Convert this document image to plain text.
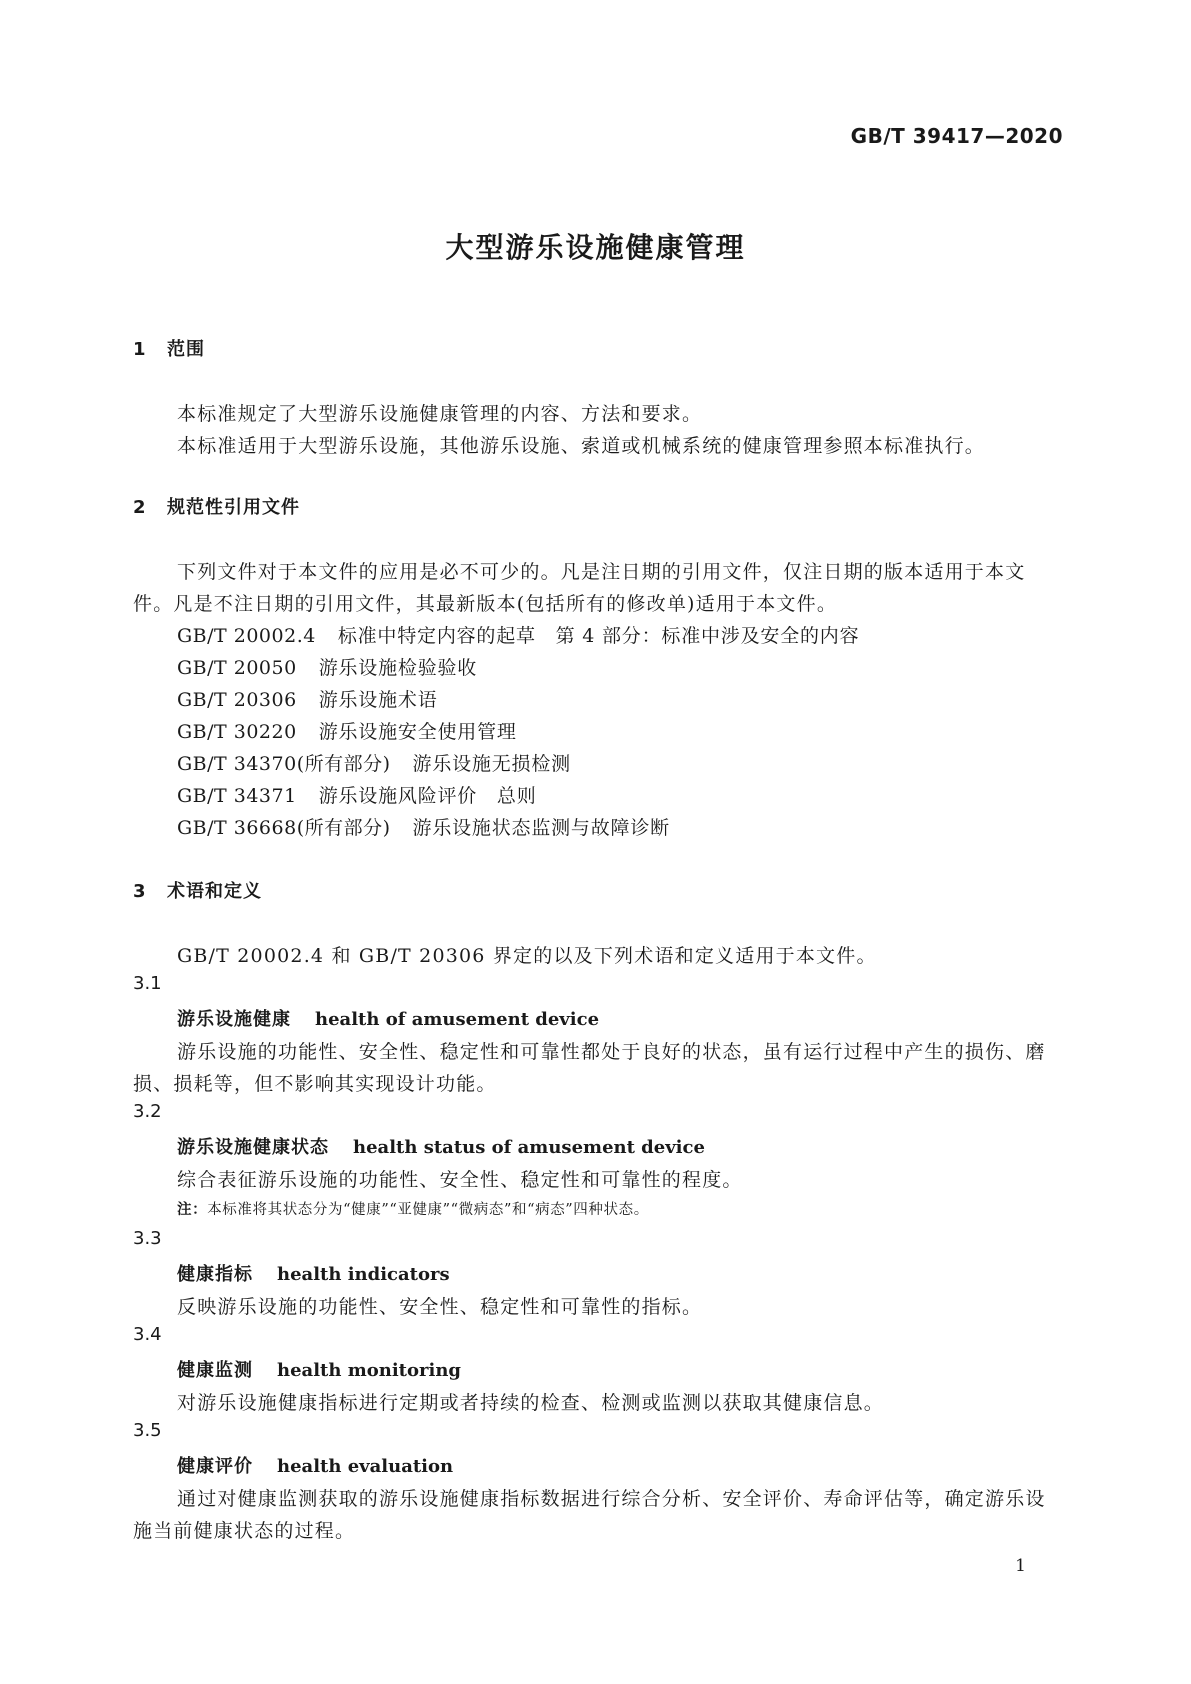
GB/T 39417—2020
大型游乐设施健康管理
1 范围
本标准规定了大型游乐设施健康管理的内容、方法和要求。
本标准适用于大型游乐设施，其他游乐设施、索道或机械系统的健康管理参照本标准执行。
2 规范性引用文件
下列文件对于本文件的应用是必不可少的。凡是注日期的引用文件，仅注日期的版本适用于本文
件。凡是不注日期的引用文件，其最新版本(包括所有的修改单)适用于本文件。
GB/T 20002.4 标准中特定内容的起草　第 4 部分：标准中涉及安全的内容
GB/T 20050 游乐设施检验验收
GB/T 20306 游乐设施术语
GB/T 30220 游乐设施安全使用管理
GB/T 34370(所有部分) 游乐设施无损检测
GB/T 34371 游乐设施风险评价　总则
GB/T 36668(所有部分) 游乐设施状态监测与故障诊断
3 术语和定义
GB/T 20002.4 和 GB/T 20306 界定的以及下列术语和定义适用于本文件。
3.1
游乐设施健康 health of amusement device
游乐设施的功能性、安全性、稳定性和可靠性都处于良好的状态，虽有运行过程中产生的损伤、磨
损、损耗等，但不影响其实现设计功能。
3.2
游乐设施健康状态 health status of amusement device
综合表征游乐设施的功能性、安全性、稳定性和可靠性的程度。
注：本标准将其状态分为“健康”“亚健康”“微病态”和“病态”四种状态。
3.3
健康指标 health indicators
反映游乐设施的功能性、安全性、稳定性和可靠性的指标。
3.4
健康监测 health monitoring
对游乐设施健康指标进行定期或者持续的检查、检测或监测以获取其健康信息。
3.5
健康评价 health evaluation
通过对健康监测获取的游乐设施健康指标数据进行综合分析、安全评价、寿命评估等，确定游乐设
施当前健康状态的过程。
1
